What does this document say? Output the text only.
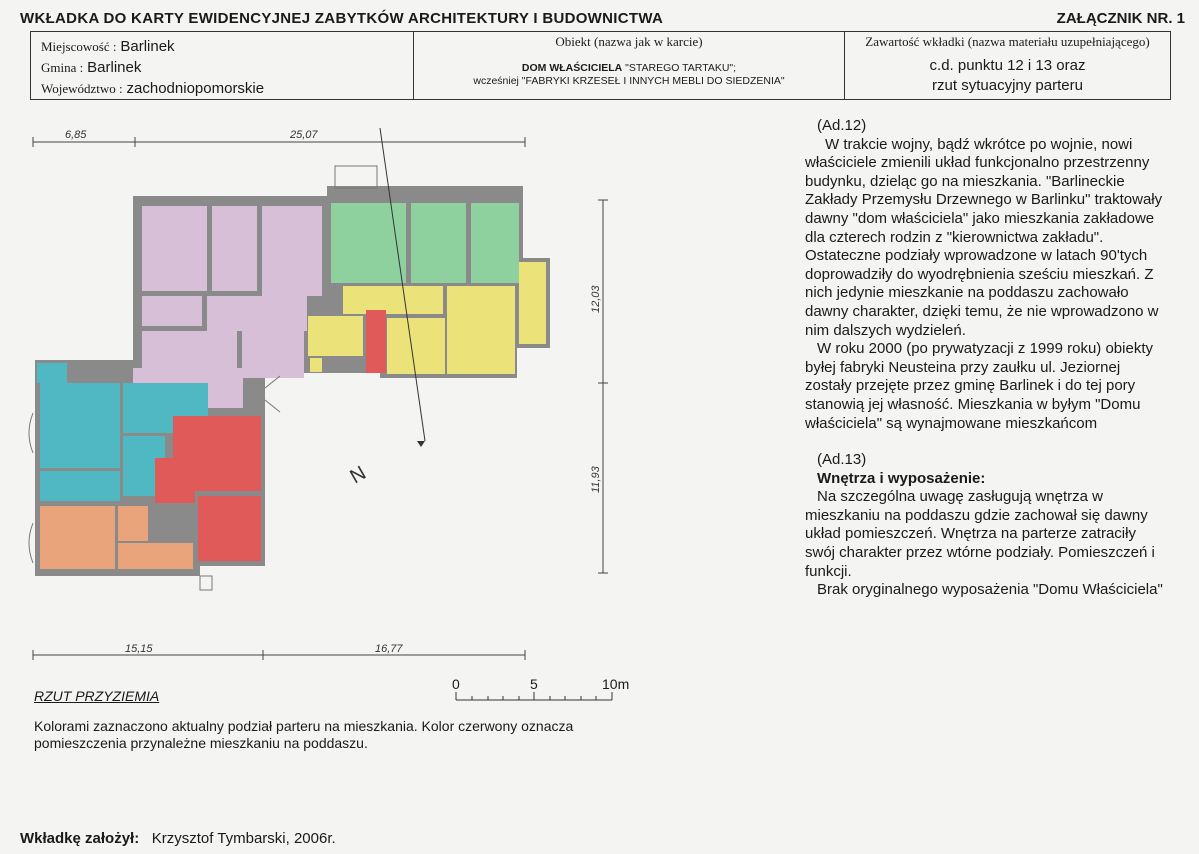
WKŁADKA DO KARTY EWIDENCYJNEJ ZABYTKÓW ARCHITEKTURY I BUDOWNICTWA	ZAŁĄCZNIK NR. 1
Miejscowość : Barlinek
Gmina : Barlinek
Województwo : zachodniopomorskie
Obiekt (nazwa jak w karcie)
DOM WŁAŚCICIELA "STAREGO TARTAKU";
wcześniej "FABRYKI KRZESEŁ I INNYCH MEBLI DO SIEDZENIA"
Zawartość wkładki (nazwa materiału uzupełniającego)
c.d. punktu 12 i 13 oraz
rzut sytuacyjny parteru
6,85	25,07
12,03
11,93
15,15	16,77
N
0	5	10m
RZUT PRZYZIEMIA
Kolorami zaznaczono aktualny podział parteru na mieszkania. Kolor czerwony oznacza pomieszczenia przynależne mieszkaniu na poddaszu.

(Ad.12)

W trakcie wojny, bądź wkrótce po wojnie, nowi właściciele zmienili układ funkcjonalno przestrzenny budynku, dzieląc go na mieszkania. "Barlineckie Zakłady Przemysłu Drzewnego w Barlinku" traktowały dawny "dom właściciela" jako mieszkania zakładowe dla czterech rodzin z "kierownictwa zakładu". Ostateczne podziały wprowadzone w latach 90'tych doprowadziły do wyodrębnienia sześciu mieszkań. Z nich jedynie mieszkanie na poddaszu zachowało dawny charakter, dzięki temu, że nie wprowadzono w nim dalszych wydzieleń.

W roku 2000 (po prywatyzacji z 1999 roku) obiekty byłej fabryki Neusteina przy zaułku ul. Jeziornej zostały przejęte przez gminę Barlinek i do tej pory stanowią jej własność. Mieszkania w byłym "Domu właściciela" są wynajmowane mieszkańcom

(Ad.13)

Wnętrza i wyposażenie:

Na szczególna uwagę zasługują wnętrza w mieszkaniu na poddaszu gdzie zachował się dawny układ pomieszczeń. Wnętrza na parterze zatraciły swój charakter przez wtórne podziały. Pomieszczeń i funkcji.

Brak oryginalnego wyposażenia "Domu Właściciela"

Wkładkę założył: Krzysztof Tymbarski, 2006r.
